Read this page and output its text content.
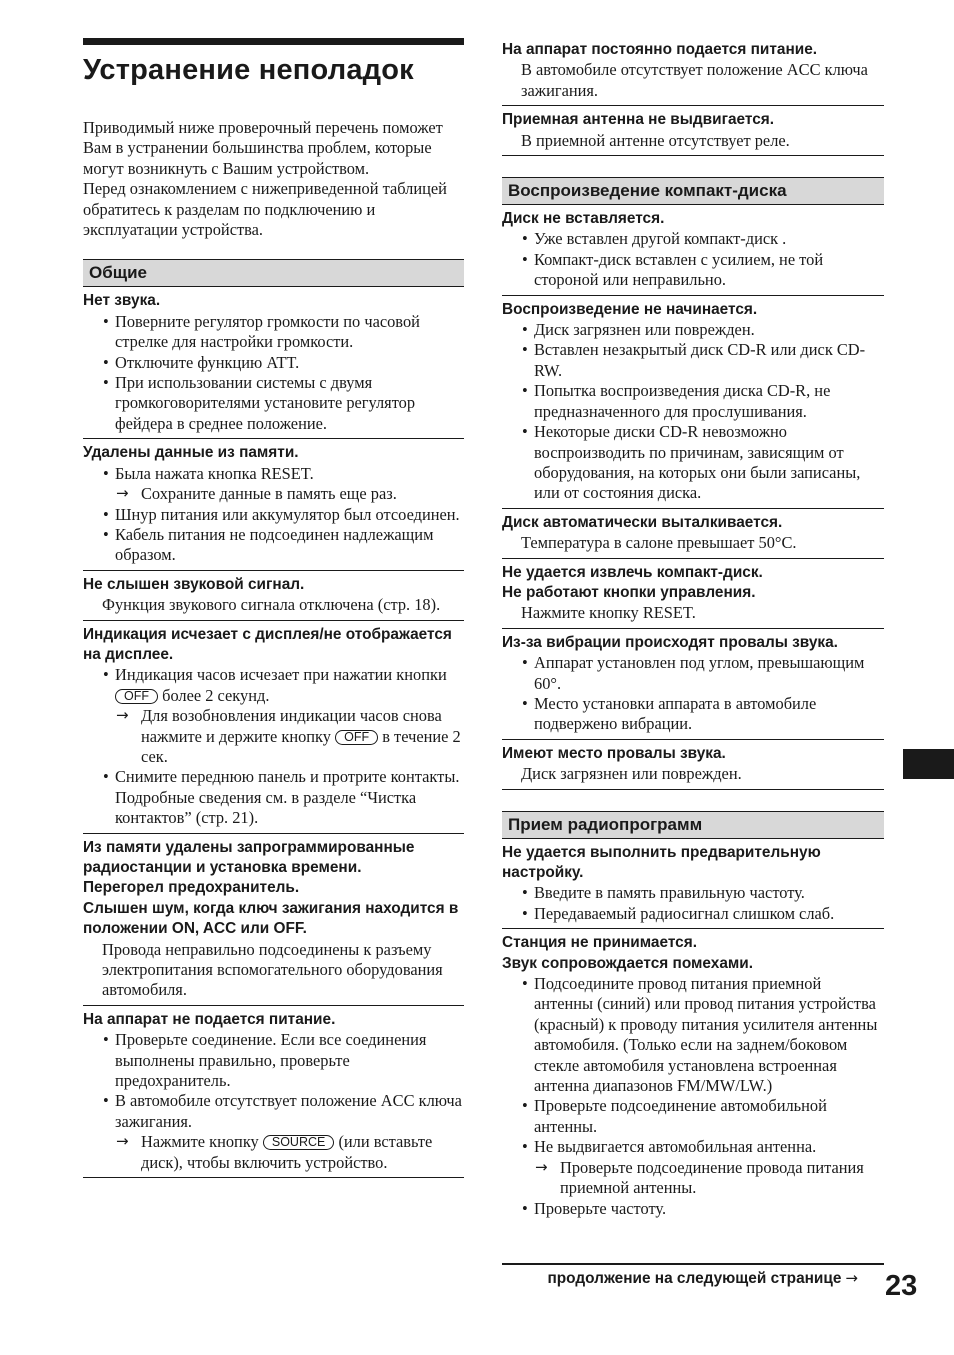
Устранение неполадок

Приводимый ниже проверочный перечень поможет Вам в устранении большинства проблем, которые могут возникнуть с Вашим устройством.

Перед ознакомлением с нижеприведенной таблицей обратитесь к разделам по подключению и эксплуатации устройства.

Общие
Нет звука.
• Поверните регулятор громкости по часовой стрелке для настройки громкости.
• Отключите функцию ATT.
• При использовании системы с двумя громкоговорителями установите регулятор фейдера в среднее положение.
Удалены данные из памяти.
• Была нажата кнопка RESET.
→ Сохраните данные в память еще раз.
• Шнур питания или аккумулятор был отсоединен.
• Кабель питания не подсоединен надлежащим образом.
Не слышен звуковой сигнал.
Функция звукового сигнала отключена (стр. 18).
Индикация исчезает с дисплея/не отображается на дисплее.
• Индикация часов исчезает при нажатии кнопки OFF более 2 секунд.
→ Для возобновления индикации часов снова нажмите и держите кнопку OFF в течение 2 сек.
• Снимите переднюю панель и протрите контакты. Подробные сведения см. в разделе “Чистка контактов” (стр. 21).
Из памяти удалены запрограммированные радиостанции и установка времени.
Перегорел предохранитель.
Слышен шум, когда ключ зажигания находится в положении ON, ACC или OFF.
Провода неправильно подсоединены к разъему электропитания вспомогательного оборудования автомобиля.
На аппарат не подается питание.
• Проверьте соединение. Если все соединения выполнены правильно, проверьте предохранитель.
• В автомобиле отсутствует положение ACC ключа зажигания.
→ Нажмите кнопку SOURCE (или вставьте диск), чтобы включить устройство.
На аппарат постоянно подается питание.
В автомобиле отсутствует положение ACC ключа зажигания.
Приемная антенна не выдвигается.
В приемной антенне отсутствует реле.
Воспроизведение компакт-диска
Диск не вставляется.
• Уже вставлен другой компакт-диск .
• Компакт-диск вставлен с усилием, не той стороной или неправильно.
Воспроизведение не начинается.
• Диск загрязнен или поврежден.
• Вставлен незакрытый диск CD-R или диск CD-RW.
• Попытка воспроизведения диска CD-R, не предназначенного для прослушивания.
• Некоторые диски CD-R невозможно воспроизводить по причинам, зависящим от оборудования, на которых они были записаны, или от состояния диска.
Диск автоматически выталкивается.
Температура в салоне превышает 50°C.
Не удается извлечь компакт-диск.
Не работают кнопки управления.
Нажмите кнопку RESET.
Из-за вибрации происходят провалы звука.
• Аппарат установлен под углом, превышающим 60°.
• Место установки аппарата в автомобиле подвержено вибрации.
Имеют место провалы звука.
Диск загрязнен или поврежден.
Прием радиопрограмм
Не удается выполнить предварительную настройку.
• Введите в память правильную частоту.
• Передаваемый радиосигнал слишком слаб.
Станция не принимается.
Звук сопровождается помехами.
• Подсоедините провод питания приемной антенны (синий) или провод питания устройства (красный) к проводу питания усилителя антенны автомобиля. (Только если на заднем/боковом стекле автомобиля установлена встроенная антенна диапазонов FM/MW/LW.)
• Проверьте подсоединение автомобильной антенны.
• Не выдвигается автомобильная антенна.
→ Проверьте подсоединение провода питания приемной антенны.
• Проверьте частоту.
продолжение на следующей странице → 23
